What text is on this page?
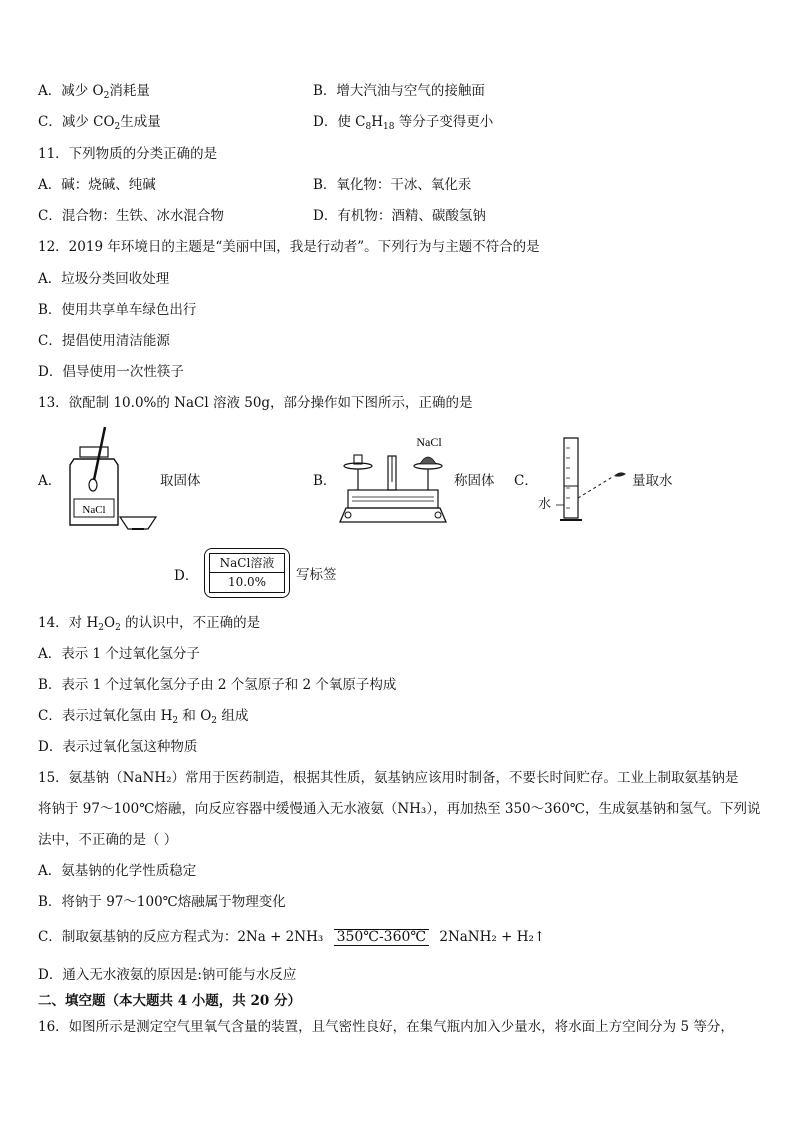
A．减少 $O_2$消耗量	B．增大汽油与空气的接触面
C．减少 $CO_2$生成量	D．使 $C_8H_{18}$ 等分子变得更小
11．下列物质的分类正确的是
A．碱：烧碱、纯碱	B．氧化物：干冰、氧化汞
C．混合物：生铁、冰水混合物	D．有机物：酒精、碳酸氢钠
12．2019 年环境日的主题是“美丽中国，我是行动者”。下列行为与主题不符合的是
A．垃圾分类回收处理
B．使用共享单车绿色出行
C．提倡使用清洁能源
D．倡导使用一次性筷子
13．欲配制 10.0%的 NaCl 溶液 50g，部分操作如下图所示，正确的是
A．
NaCl
取固体	B．
NaCl
称固体 C．
水
量取水
D．
NaCl溶液
10.0%	写标签
14．对 $H_2O_2$ 的认识中，不正确的是
A．表示 1 个过氧化氢分子
B．表示 1 个过氧化氢分子由 2 个氢原子和 2 个氧原子构成
C．表示过氧化氢由 $H_2$ 和 $O_2$ 组成
D．表示过氧化氢这种物质
15．氨基钠（NaNH₂）常用于医药制造，根据其性质，氨基钠应该用时制备，不要长时间贮存。工业上制取氨基钠是
将钠于 97～100℃熔融，向反应容器中缓慢通入无水液氨（NH₃），再加热至 350～360℃，生成氨基钠和氢气。下列说
法中，不正确的是（ ）
A．氨基钠的化学性质稳定
B．将钠于 97～100℃熔融属于物理变化
C．制取氨基钠的反应方程式为：2Na + 2NH₃ 350℃-360℃ 2NaNH₂ + H₂↑
D．通入无水液氨的原因是:钠可能与水反应
二、填空题（本大题共 4 小题，共 20 分）
16．如图所示是测定空气里氧气含量的装置，且气密性良好，在集气瓶内加入少量水，将水面上方空间分为 5 等分，
